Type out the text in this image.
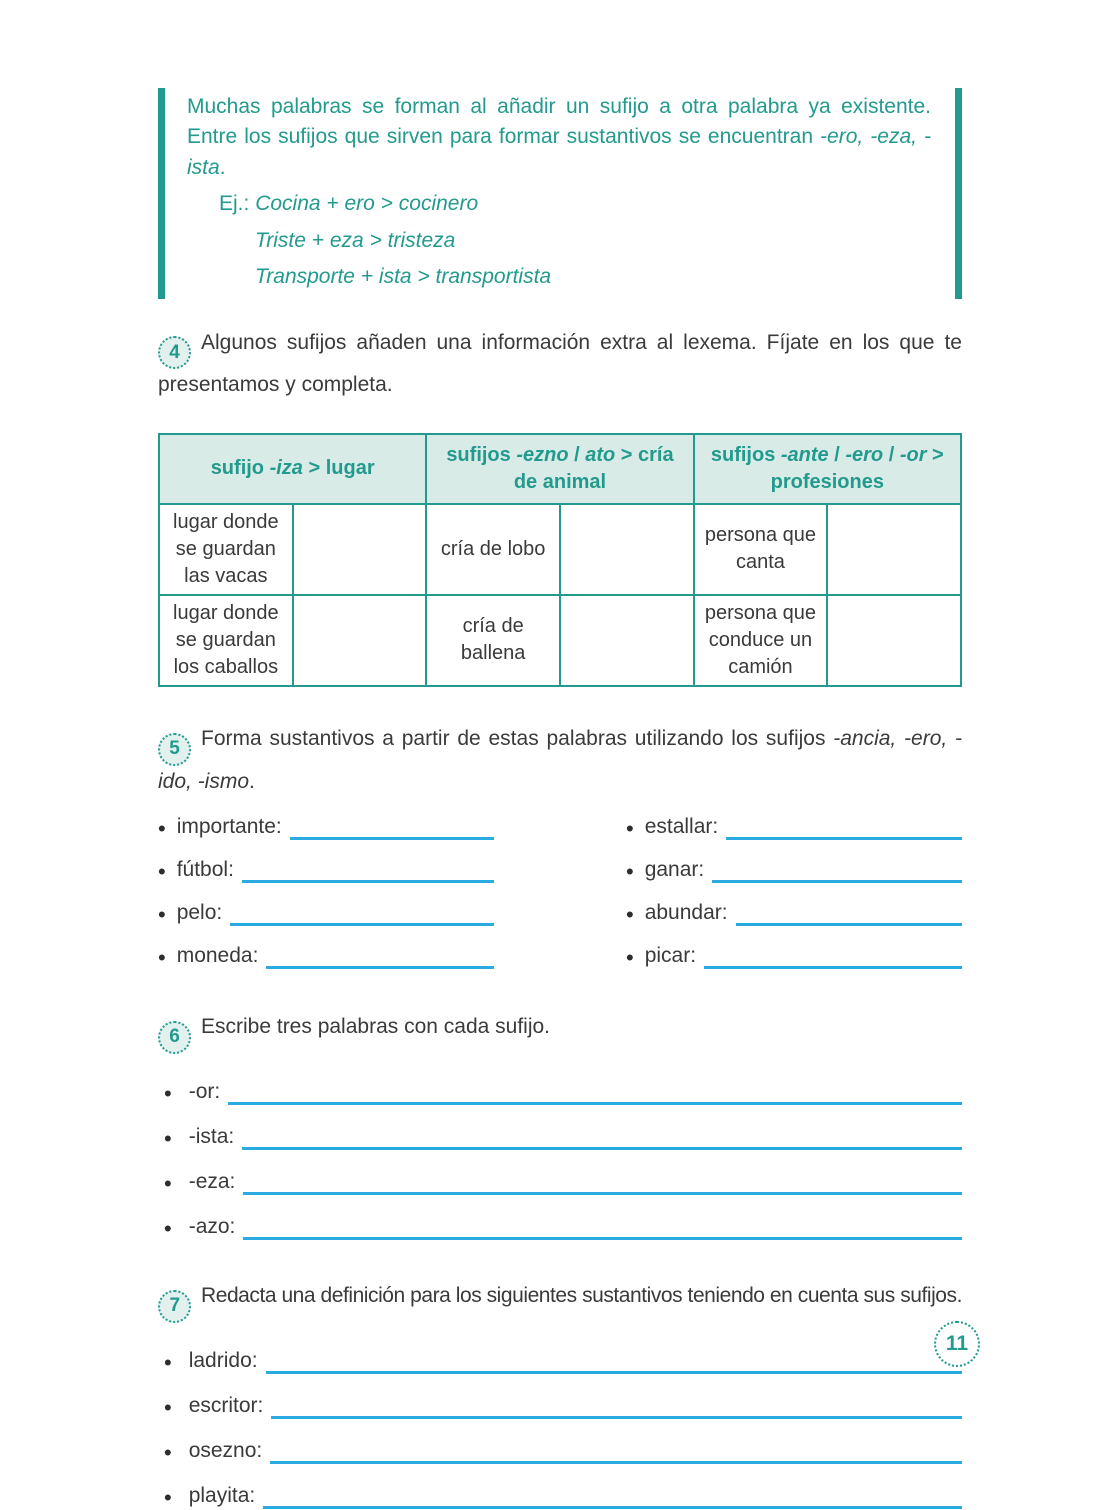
Muchas palabras se forman al añadir un sufijo a otra palabra ya existente. Entre los sufijos que sirven para formar sustantivos se encuentran -ero, -eza, -ista.

Ej.: Cocina + ero > cocinero
Triste + eza > tristeza
Transporte + ista > transportista

4 Algunos sufijos añaden una información extra al lexema. Fíjate en los que te presentamos y completa.

sufijo -iza > lugar		sufijos -ezno / ato > cría de animal		sufijos -ante / -ero / -or > profesiones	
lugar donde se guardan las vacas		cría de lobo		persona que canta	
lugar donde se guardan los caballos		cría de ballena		persona que conduce un camión	

5 Forma sustantivos a partir de estas palabras utilizando los sufijos -ancia, -ero, -ido, -ismo.

• importante:	• estallar:
• fútbol:	• ganar:
• pelo:	• abundar:
• moneda:	• picar:

6 Escribe tres palabras con cada sufijo.

• -or:
• -ista:
• -eza:
• -azo:

7 Redacta una definición para los siguientes sustantivos teniendo en cuenta sus sufijos.

• ladrido:
• escritor:
• osezno:
• playita:
11
